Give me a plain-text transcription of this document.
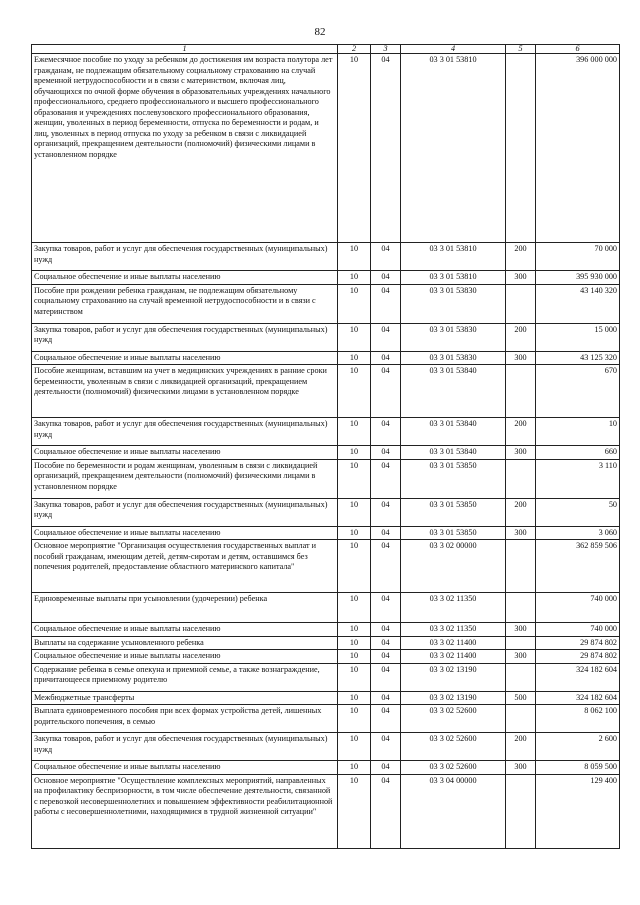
82
1	2	3	4	5	6
Ежемесячное пособие по уходу за ребенком до достижения им возраста полутора лет гражданам, не подлежащим обязательному социальному страхованию на случай временной нетрудоспособности и в связи с материнством, включая лиц, обучающихся по очной форме обучения в образовательных учреждениях начального профессионального, среднего профессионального и высшего профессионального образования и учреждениях послевузовского профессионального образования, женщин, уволенных в период беременности, отпуска по беременности и родам, и лиц, уволенных в период отпуска по уходу за ребенком в связи с ликвидацией организаций, прекращением деятельности (полномочий) физическими лицами в установленном порядке	10	04	03 3 01 53810		396 000 000
Закупка товаров, работ и услуг для обеспечения государственных (муниципальных) нужд	10	04	03 3 01 53810	200	70 000
Социальное обеспечение и иные выплаты населению	10	04	03 3 01 53810	300	395 930 000
Пособие при рождении ребенка гражданам, не подлежащим обязательному социальному страхованию на случай временной нетрудоспособности и в связи с материнством	10	04	03 3 01 53830		43 140 320
Закупка товаров, работ и услуг для обеспечения государственных (муниципальных) нужд	10	04	03 3 01 53830	200	15 000
Социальное обеспечение и иные выплаты населению	10	04	03 3 01 53830	300	43 125 320
Пособие женщинам, вставшим на учет в медицинских учреждениях в ранние сроки беременности, уволенным в связи с ликвидацией организаций, прекращением деятельности (полномочий) физическими лицами в установленном порядке	10	04	03 3 01 53840		670
Закупка товаров, работ и услуг для обеспечения государственных (муниципальных) нужд	10	04	03 3 01 53840	200	10
Социальное обеспечение и иные выплаты населению	10	04	03 3 01 53840	300	660
Пособие по беременности и родам женщинам, уволенным в связи с ликвидацией организаций, прекращением деятельности (полномочий) физическими лицами в установленном порядке	10	04	03 3 01 53850		3 110
Закупка товаров, работ и услуг для обеспечения государственных (муниципальных) нужд	10	04	03 3 01 53850	200	50
Социальное обеспечение и иные выплаты населению	10	04	03 3 01 53850	300	3 060
Основное мероприятие "Организация осуществления государственных выплат и пособий гражданам, имеющим детей, детям-сиротам и детям, оставшимся без попечения родителей, предоставление областного материнского капитала"	10	04	03 3 02 00000		362 859 506
Единовременные выплаты при усыновлении (удочерении) ребенка	10	04	03 3 02 11350		740 000
Социальное обеспечение и иные выплаты населению	10	04	03 3 02 11350	300	740 000
Выплаты на содержание усыновленного ребенка	10	04	03 3 02 11400		29 874 802
Социальное обеспечение и иные выплаты населению	10	04	03 3 02 11400	300	29 874 802
Содержание ребенка в семье опекуна и приемной семье, а также вознаграждение, причитающееся приемному родителю	10	04	03 3 02 13190		324 182 604
Межбюджетные трансферты	10	04	03 3 02 13190	500	324 182 604
Выплата единовременного пособия при всех формах устройства детей, лишенных родительского попечения, в семью	10	04	03 3 02 52600		8 062 100
Закупка товаров, работ и услуг для обеспечения государственных (муниципальных) нужд	10	04	03 3 02 52600	200	2 600
Социальное обеспечение и иные выплаты населению	10	04	03 3 02 52600	300	8 059 500
Основное мероприятие "Осуществление комплексных мероприятий, направленных на профилактику беспризорности, в том числе обеспечение деятельности, связанной с перевозкой несовершеннолетних и повышением эффективности реабилитационной работы с несовершеннолетними, находящимися в трудной жизненной ситуации"	10	04	03 3 04 00000		129 400
